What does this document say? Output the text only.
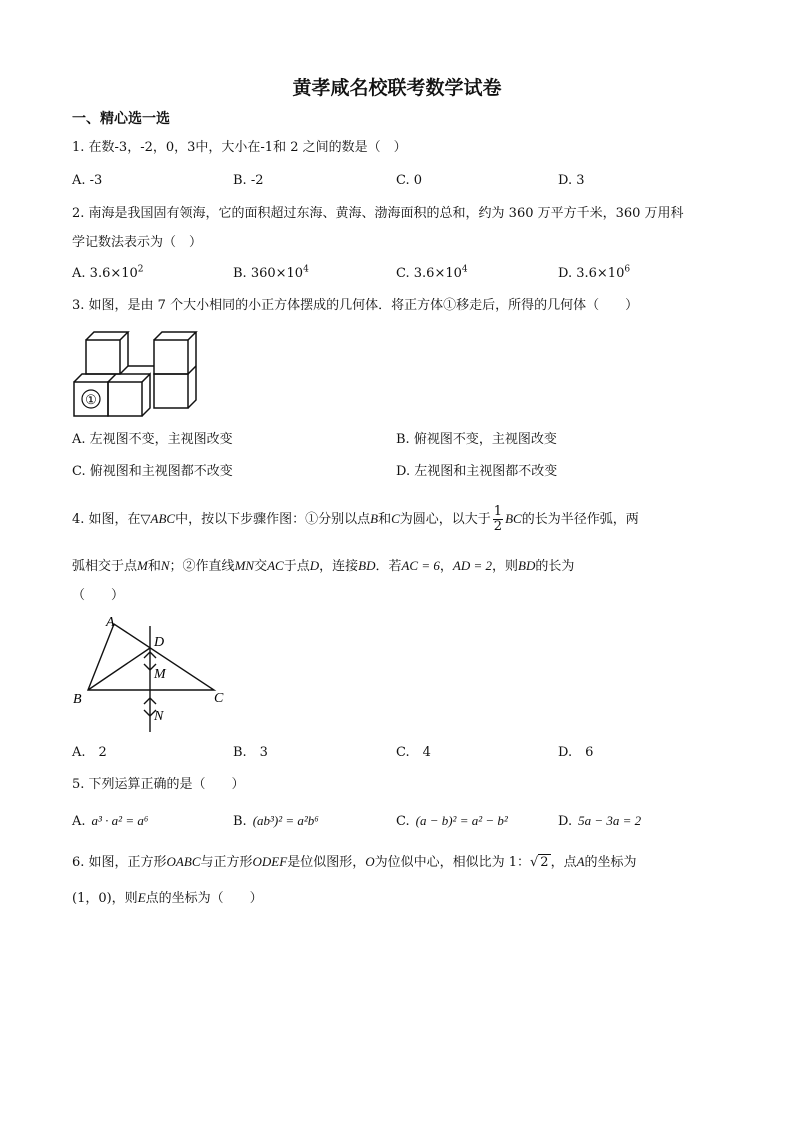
黄孝咸名校联考数学试卷
一、精心选一选
1. 在数-3，-2，0，3中，大小在-1和 2 之间的数是（　）
A. -3	B. -2	C. 0	D. 3
2. 南海是我国固有领海，它的面积超过东海、黄海、渤海面积的总和，约为 360 万平方千米，360 万用科
学记数法表示为（　）
A. $3.6\times 10^2$	B. $360\times 10^4$	C. $3.6\times 10^4$	D. $3.6\times 10^6$
3. 如图，是由 7 个大小相同的小正方体摆成的几何体．将正方体①移走后，所得的几何体（　　）
①
A. 左视图不变，主视图改变	B. 俯视图不变，主视图改变
C. 俯视图和主视图都不改变	D. 左视图和主视图都不改变
4. 如图，在▽ABC中，按以下步骤作图：①分别以点B和C为圆心，以大于 $\frac{1}{2}$ BC的长为半径作弧，两
弧相交于点M和N；②作直线MN交AC于点D，连接BD．若AC = 6，AD = 2，则BD的长为
（　　）
A
D
M
B	C
N
A.　2	B.　3	C.　4	D.　6
5. 下列运算正确的是（　　）
A. a³ · a² = a⁶	B. (ab³)² = a²b⁶	C. (a − b)² = a² − b²	D. 5a − 3a = 2
6. 如图，正方形OABC与正方形ODEF是位似图形，O为位似中心，相似比为 1：√ 2 ，点A的坐标为
(1，0)，则E点的坐标为（　　）
